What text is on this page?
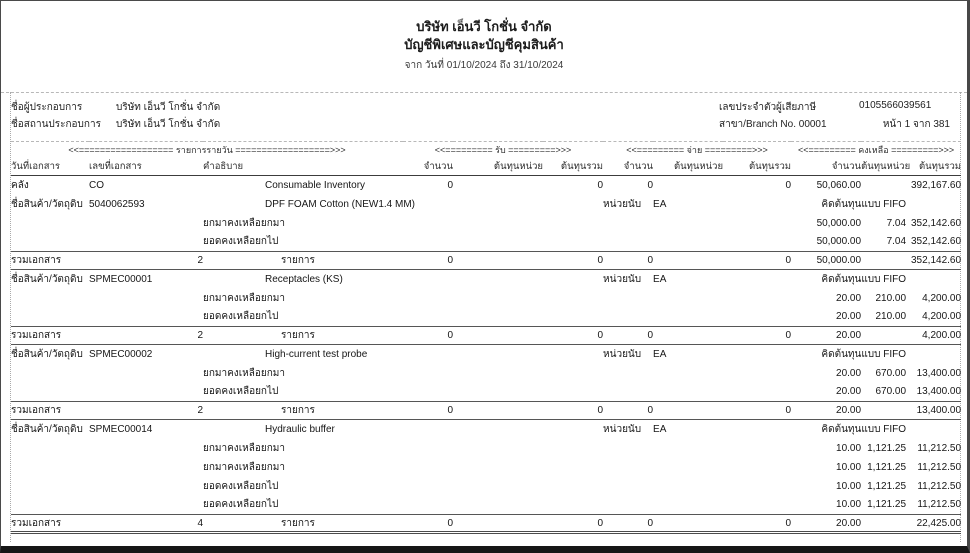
บริษัท เอ็นวี โกชั่น จำกัด
บัญชีพิเศษและบัญชีคุมสินค้า
จาก วันที่ 01/10/2024 ถึง 31/10/2024
ชื่อผู้ประกอบการ	บริษัท เอ็นวี โกชั่น จำกัด
ชื่อสถานประกอบการ บริษัท เอ็นวี โกชั่น จำกัด
เลขประจำตัวผู้เสียภาษี	0105566039561
สาขา/Branch No. 00001	หน้า 1 จาก 381
<<================== รายการรายวัน ==================>>>			<<========= รับ =========>>>			<<========= จ่าย =========>>>			<<========= คงเหลือ =========>>>		
วันที่เอกสาร	เลขที่เอกสาร	คำอธิบาย	จำนวน	ต้นทุนหน่วย	ต้นทุนรวม	จำนวน	ต้นทุนหน่วย	ต้นทุนรวม	จำนวน	ต้นทุนหน่วย	ต้นทุนรวม
คลัง	CO	Consumable Inventory	0		0	0		0	50,060.00		392,167.60
ชื่อสินค้า/วัตถุดิบ	5040062593	DPF FOAM Cotton (NEW1.4 MM)				หน่วยนับ	EA		คิดต้นทุนแบบ FIFO		
		ยกมาคงเหลือยกมา							50,000.00	7.04	352,142.60
		ยอดคงเหลือยกไป							50,000.00	7.04	352,142.60
รวมเอกสาร	2	รายการ	0		0	0		0	50,000.00		352,142.60
ชื่อสินค้า/วัตถุดิบ	SPMEC00001	Receptacles (KS)				หน่วยนับ	EA		คิดต้นทุนแบบ FIFO		
		ยกมาคงเหลือยกมา							20.00	210.00	4,200.00
		ยอดคงเหลือยกไป							20.00	210.00	4,200.00
รวมเอกสาร	2	รายการ	0		0	0		0	20.00		4,200.00
ชื่อสินค้า/วัตถุดิบ	SPMEC00002	High-current test probe				หน่วยนับ	EA		คิดต้นทุนแบบ FIFO		
		ยกมาคงเหลือยกมา							20.00	670.00	13,400.00
		ยอดคงเหลือยกไป							20.00	670.00	13,400.00
รวมเอกสาร	2	รายการ	0		0	0		0	20.00		13,400.00
ชื่อสินค้า/วัตถุดิบ	SPMEC00014	Hydraulic buffer				หน่วยนับ	EA		คิดต้นทุนแบบ FIFO		
		ยกมาคงเหลือยกมา							10.00	1,121.25	11,212.50
		ยกมาคงเหลือยกมา							10.00	1,121.25	11,212.50
		ยอดคงเหลือยกไป							10.00	1,121.25	11,212.50
		ยอดคงเหลือยกไป							10.00	1,121.25	11,212.50
รวมเอกสาร	4	รายการ	0		0	0		0	20.00		22,425.00
